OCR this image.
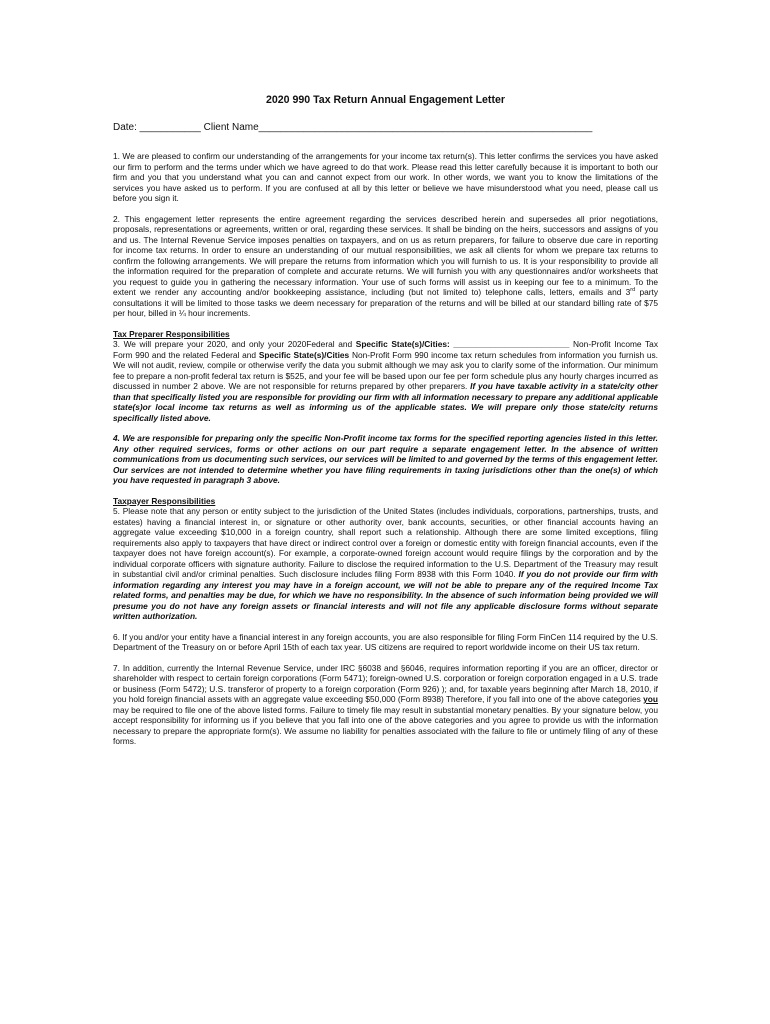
2020 990 Tax Return Annual Engagement Letter
Date: ___________ Client Name____________________________________________________________

1. We are pleased to confirm our understanding of the arrangements for your income tax return(s). This letter confirms the services you have asked our firm to perform and the terms under which we have agreed to do that work. Please read this letter carefully because it is important to both our firm and you that you understand what you can and cannot expect from our work. In other words, we want you to know the limitations of the services you have asked us to perform. If you are confused at all by this letter or believe we have misunderstood what you need, please call us before you sign it.

2. This engagement letter represents the entire agreement regarding the services described herein and supersedes all prior negotiations, proposals, representations or agreements, written or oral, regarding these services. It shall be binding on the heirs, successors and assigns of you and us. The Internal Revenue Service imposes penalties on taxpayers, and on us as return preparers, for failure to observe due care in reporting for income tax returns. In order to ensure an understanding of our mutual responsibilities, we ask all clients for whom we prepare tax returns to confirm the following arrangements. We will prepare the returns from information which you will furnish to us. It is your responsibility to provide all the information required for the preparation of complete and accurate returns. We will furnish you with any questionnaires and/or worksheets that you request to guide you in gathering the necessary information. Your use of such forms will assist us in keeping our fee to a minimum. To the extent we render any accounting and/or bookkeeping assistance, including (but not limited to) telephone calls, letters, emails and 3rd party consultations it will be limited to those tasks we deem necessary for preparation of the returns and will be billed at our standard billing rate of $75 per hour, billed in ¼ hour increments.

Tax Preparer Responsibilities

3. We will prepare your 2020, and only your 2020Federal and Specific State(s)/Cities: _________________________ Non-Profit Income Tax Form 990 and the related Federal and Specific State(s)/Cities Non-Profit Form 990 income tax return schedules from information you furnish us. We will not audit, review, compile or otherwise verify the data you submit although we may ask you to clarify some of the information. Our minimum fee to prepare a non-profit federal tax return is $525, and your fee will be based upon our fee per form schedule plus any hourly charges incurred as discussed in number 2 above. We are not responsible for returns prepared by other preparers. If you have taxable activity in a state/city other than that specifically listed you are responsible for providing our firm with all information necessary to prepare any additional applicable state(s)or local income tax returns as well as informing us of the applicable states. We will prepare only those state/city returns specifically listed above.

4. We are responsible for preparing only the specific Non-Profit income tax forms for the specified reporting agencies listed in this letter. Any other required services, forms or other actions on our part require a separate engagement letter. In the absence of written communications from us documenting such services, our services will be limited to and governed by the terms of this engagement letter. Our services are not intended to determine whether you have filing requirements in taxing jurisdictions other than the one(s) of which you have requested in paragraph 3 above.

Taxpayer Responsibilities

5. Please note that any person or entity subject to the jurisdiction of the United States (includes individuals, corporations, partnerships, trusts, and estates) having a financial interest in, or signature or other authority over, bank accounts, securities, or other financial accounts having an aggregate value exceeding $10,000 in a foreign country, shall report such a relationship. Although there are some limited exceptions, filing requirements also apply to taxpayers that have direct or indirect control over a foreign or domestic entity with foreign financial accounts, even if the taxpayer does not have foreign account(s). For example, a corporate-owned foreign account would require filings by the corporation and by the individual corporate officers with signature authority. Failure to disclose the required information to the U.S. Department of the Treasury may result in substantial civil and/or criminal penalties. Such disclosure includes filing Form 8938 with this Form 1040. If you do not provide our firm with information regarding any interest you may have in a foreign account, we will not be able to prepare any of the required Income Tax related forms, and penalties may be due, for which we have no responsibility. In the absence of such information being provided we will presume you do not have any foreign assets or financial interests and will not file any applicable disclosure forms without separate written authorization.

6. If you and/or your entity have a financial interest in any foreign accounts, you are also responsible for filing Form FinCen 114 required by the U.S. Department of the Treasury on or before April 15th of each tax year. US citizens are required to report worldwide income on their US tax return.

7. In addition, currently the Internal Revenue Service, under IRC §6038 and §6046, requires information reporting if you are an officer, director or shareholder with respect to certain foreign corporations (Form 5471); foreign-owned U.S. corporation or foreign corporation engaged in a U.S. trade or business (Form 5472); U.S. transferor of property to a foreign corporation (Form 926) ); and, for taxable years beginning after March 18, 2010, if you hold foreign financial assets with an aggregate value exceeding $50,000 (Form 8938) Therefore, if you fall into one of the above categories you may be required to file one of the above listed forms. Failure to timely file may result in substantial monetary penalties. By your signature below, you accept responsibility for informing us if you believe that you fall into one of the above categories and you agree to provide us with the information necessary to prepare the appropriate form(s). We assume no liability for penalties associated with the failure to file or untimely filing of any of these forms.
